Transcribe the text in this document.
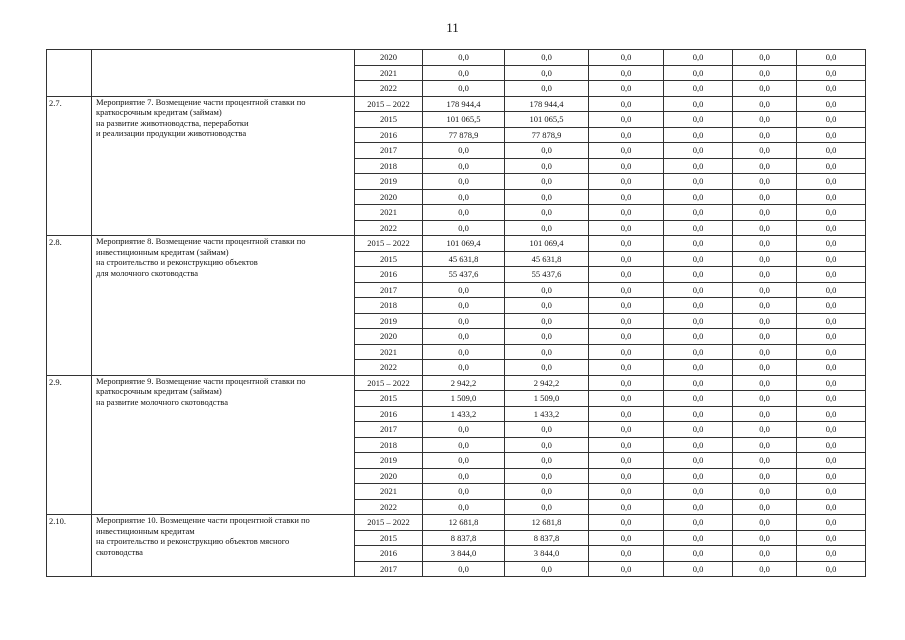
11
		2020	0,0	0,0	0,0	0,0	0,0	0,0
		2021	0,0	0,0	0,0	0,0	0,0	0,0
		2022	0,0	0,0	0,0	0,0	0,0	0,0
2.7.	Мероприятие 7. Возмещение части процентной ставки по
краткосрочным кредитам (займам)
на развитие животноводства, переработки
и реализации продукции животноводства	2015 – 2022	178 944,4	178 944,4	0,0	0,0	0,0	0,0
		2015	101 065,5	101 065,5	0,0	0,0	0,0	0,0
		2016	77 878,9	77 878,9	0,0	0,0	0,0	0,0
		2017	0,0	0,0	0,0	0,0	0,0	0,0
		2018	0,0	0,0	0,0	0,0	0,0	0,0
		2019	0,0	0,0	0,0	0,0	0,0	0,0
		2020	0,0	0,0	0,0	0,0	0,0	0,0
		2021	0,0	0,0	0,0	0,0	0,0	0,0
		2022	0,0	0,0	0,0	0,0	0,0	0,0
2.8.	Мероприятие 8. Возмещение части процентной ставки по
инвестиционным кредитам (займам)
на строительство и реконструкцию объектов
для молочного скотоводства	2015 – 2022	101 069,4	101 069,4	0,0	0,0	0,0	0,0
		2015	45 631,8	45 631,8	0,0	0,0	0,0	0,0
		2016	55 437,6	55 437,6	0,0	0,0	0,0	0,0
		2017	0,0	0,0	0,0	0,0	0,0	0,0
		2018	0,0	0,0	0,0	0,0	0,0	0,0
		2019	0,0	0,0	0,0	0,0	0,0	0,0
		2020	0,0	0,0	0,0	0,0	0,0	0,0
		2021	0,0	0,0	0,0	0,0	0,0	0,0
		2022	0,0	0,0	0,0	0,0	0,0	0,0
2.9.	Мероприятие 9. Возмещение части процентной ставки по
краткосрочным кредитам (займам)
на развитие молочного скотоводства	2015 – 2022	2 942,2	2 942,2	0,0	0,0	0,0	0,0
		2015	1 509,0	1 509,0	0,0	0,0	0,0	0,0
		2016	1 433,2	1 433,2	0,0	0,0	0,0	0,0
		2017	0,0	0,0	0,0	0,0	0,0	0,0
		2018	0,0	0,0	0,0	0,0	0,0	0,0
		2019	0,0	0,0	0,0	0,0	0,0	0,0
		2020	0,0	0,0	0,0	0,0	0,0	0,0
		2021	0,0	0,0	0,0	0,0	0,0	0,0
		2022	0,0	0,0	0,0	0,0	0,0	0,0
2.10.	Мероприятие 10. Возмещение части процентной ставки по
инвестиционным кредитам
на строительство и реконструкцию объектов мясного
скотоводства	2015 – 2022	12 681,8	12 681,8	0,0	0,0	0,0	0,0
		2015	8 837,8	8 837,8	0,0	0,0	0,0	0,0
		2016	3 844,0	3 844,0	0,0	0,0	0,0	0,0
		2017	0,0	0,0	0,0	0,0	0,0	0,0
